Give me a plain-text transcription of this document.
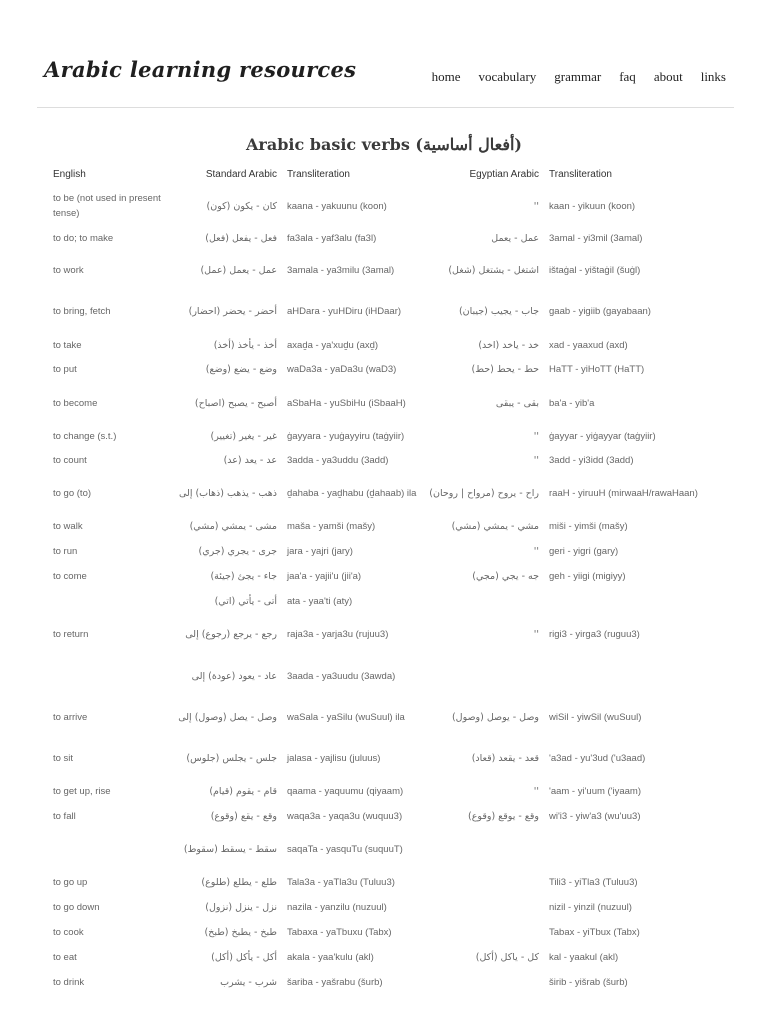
Arabic learning resources	home vocabulary grammar faq about links
Arabic basic verbs (أفعال أساسية)
English	Standard Arabic	Transliteration	Egyptian Arabic	Transliteration
to be (not used in present tense)	كان - يكون (كون)	kaana - yakuunu (koon)	''	kaan - yikuun (koon)
to do; to make	فعل - يفعل (فعل)	fa3ala - yaf3alu (fa3l)	عمل - يعمل	3amal - yi3mil (3amal)
to work	عمل - يعمل (عمل)	3amala - ya3milu (3amal)	اشتغل - يشتغل (شغل)	ištaġal - yištaġil (šuġl)
to bring, fetch	أحضر - يحضر (احضار)	aHDara - yuHDiru (iHDaar)	جاب - يجيب (جيبان)	gaab - yigiib (gayabaan)
to take	أخذ - يأخذ (أخذ)	axaḏa - ya'xuḏu (axḏ)	خد - ياخد (اخد)	xad - yaaxud (axd)
to put	وضع - يضع (وضع)	waDa3a - yaDa3u (waD3)	حط - يحط (حط)	HaTT - yiHoTT (HaTT)
to become	أصبح - يصبح (اصباح)	aSbaHa - yuSbiHu (iSbaaH)	بقى - يبقى	ba'a - yib'a
to change (s.t.)	غير - يغير (تغيير)	ġayyara - yuġayyiru (taġyiir)	''	ġayyar - yiġayyar (taġyiir)
to count	عد - يعد (عد)	3adda - ya3uddu (3add)	''	3add - yi3idd (3add)
to go (to)	ذهب - يذهب (ذهاب) إلى	ḏahaba - yaḏhabu (ḏahaab) ila	راح - يروح (مرواح | روحان)	raaH - yiruuH (mirwaaH/rawaHaan)
to walk	مشى - يمشي (مشي)	maša - yamši (mašy)	مشي - يمشي (مشي)	miši - yimši (mašy)
to run	جرى - يجري (جري)	jara - yajri (jary)	''	geri - yigri (gary)
to come	جاء - يجئ (جيئة)	jaa'a - yajii'u (jii'a)	جه - يجي (مجي)	geh - yiigi (migiyy)
	أتى - يأتي (اتي)	ata - yaa'ti (aty)		
to return	رجع - يرجع (رجوع) إلى	raja3a - yarja3u (rujuu3)	''	rigi3 - yirga3 (ruguu3)
	عاد - يعود (عودة) إلى	3aada - ya3uudu (3awda)		
to arrive	وصل - يصل (وصول) إلى	waSala - yaSilu (wuSuul) ila	وصل - يوصل (وصول)	wiSil - yiwSil (wuSuul)
to sit	جلس - يجلس (جلوس)	jalasa - yajlisu (juluus)	قعد - يقعد (قعاد)	'a3ad - yu'3ud ('u3aad)
to get up, rise	قام - يقوم (قيام)	qaama - yaquumu (qiyaam)	''	'aam - yi'uum ('iyaam)
to fall	وقع - يقع (وقوع)	waqa3a - yaqa3u (wuquu3)	وقع - يوقع (وقوع)	wi'i3 - yiw'a3 (wu'uu3)
	سقط - يسقط (سقوط)	saqaTa - yasquTu (suquuT)		
to go up	طلع - يطلع (طلوع)	Tala3a - yaTla3u (Tuluu3)		Tili3 - yiTla3 (Tuluu3)
to go down	نزل - ينزل (نزول)	nazila - yanzilu (nuzuul)		nizil - yinzil (nuzuul)
to cook	طبخ - يطبخ (طبخ)	Tabaxa - yaTbuxu (Tabx)		Tabax - yiTbux (Tabx)
to eat	أكل - يأكل (أكل)	akala - yaa'kulu (akl)	كل - ياكل (أكل)	kal - yaakul (akl)
to drink	شرب - يشرب	šariba - yašrabu (šurb)		širib - yišrab (šurb)
